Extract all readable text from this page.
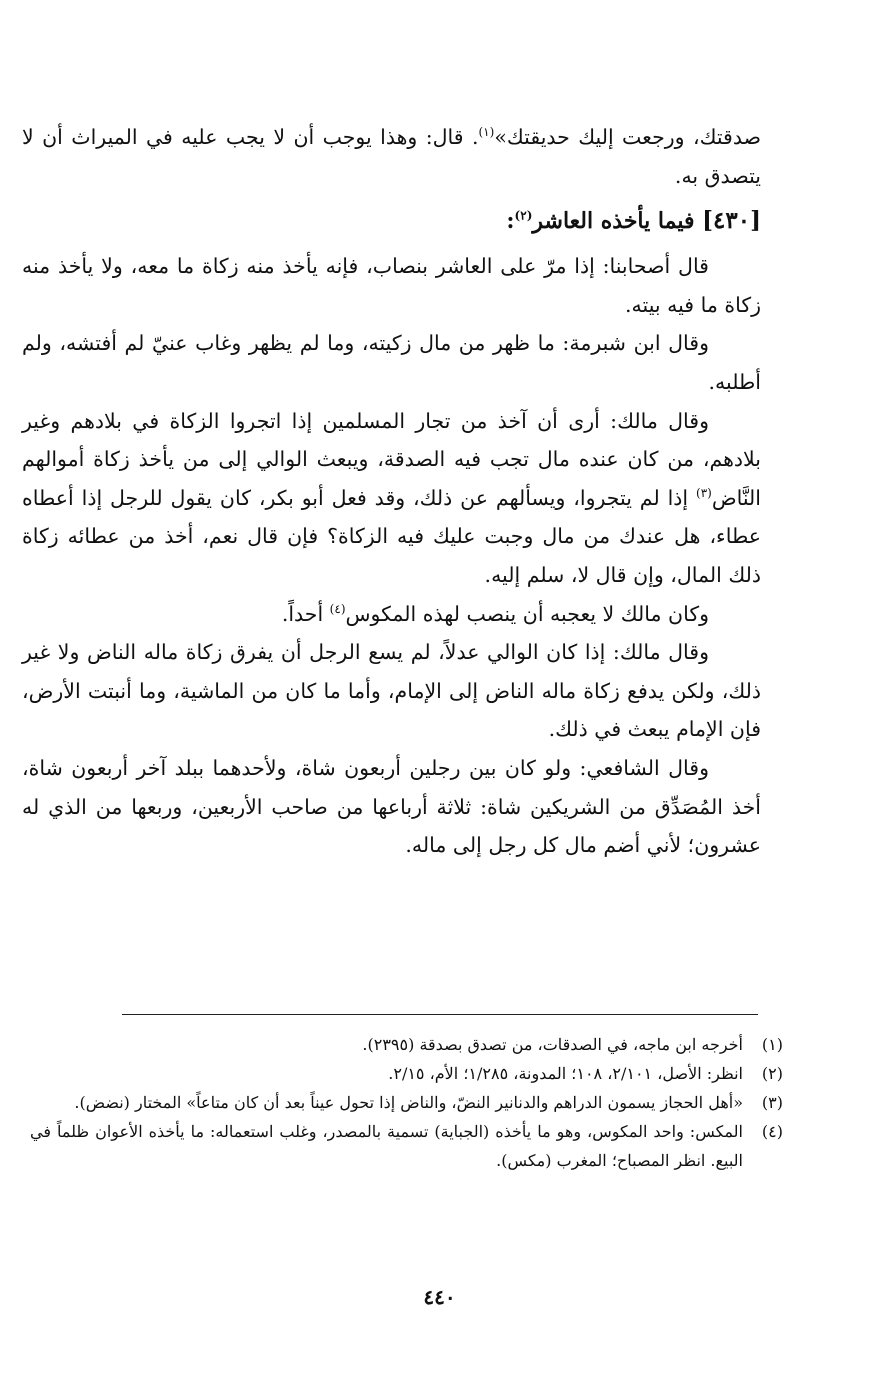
صدقتك، ورجعت إليك حديقتك»$^{(١)}$. قال: وهذا يوجب أن لا يجب عليه في الميراث أن لا يتصدق به.

[٤٣٠] فيما يأخذه العاشر$^{(٢)}$:

قال أصحابنا: إذا مرّ على العاشر بنصاب، فإنه يأخذ منه زكاة ما معه، ولا يأخذ منه زكاة ما فيه بيته.

وقال ابن شبرمة: ما ظهر من مال زكيته، وما لم يظهر وغاب عنيّ لم أفتشه، ولم أطلبه.

وقال مالك: أرى أن آخذ من تجار المسلمين إذا اتجروا الزكاة في بلادهم وغير بلادهم، من كان عنده مال تجب فيه الصدقة، ويبعث الوالي إلى من يأخذ زكاة أموالهم النَّاض$^{(٣)}$ إذا لم يتجروا، ويسألهم عن ذلك، وقد فعل أبو بكر، كان يقول للرجل إذا أعطاه عطاء، هل عندك من مال وجبت عليك فيه الزكاة؟ فإن قال نعم، أخذ من عطائه زكاة ذلك المال، وإن قال لا، سلم إليه.

وكان مالك لا يعجبه أن ينصب لهذه المكوس$^{(٤)}$ أحداً.

وقال مالك: إذا كان الوالي عدلاً، لم يسع الرجل أن يفرق زكاة ماله الناض ولا غير ذلك، ولكن يدفع زكاة ماله الناض إلى الإمام، وأما ما كان من الماشية، وما أنبتت الأرض، فإن الإمام يبعث في ذلك.

وقال الشافعي: ولو كان بين رجلين أربعون شاة، ولأحدهما ببلد آخر أربعون شاة، أخذ المُصَدِّق من الشريكين شاة: ثلاثة أرباعها من صاحب الأربعين، وربعها من الذي له عشرون؛ لأني أضم مال كل رجل إلى ماله.

(١)
أخرجه ابن ماجه، في الصدقات، من تصدق بصدقة (٢٣٩٥).
(٢)
انظر: الأصل، ٢/١٠١، ١٠٨؛ المدونة، ١/٢٨٥؛ الأم، ٢/١٥.
(٣)
«أهل الحجاز يسمون الدراهم والدنانير النضّ، والناض إذا تحول عيناً بعد أن كان متاعاً» المختار (نضض).
(٤)
المكس: واحد المكوس، وهو ما يأخذه (الجباية) تسمية بالمصدر، وغلب استعماله: ما يأخذه الأعوان ظلماً في البيع. انظر المصباح؛ المغرب (مكس).
٤٤٠
